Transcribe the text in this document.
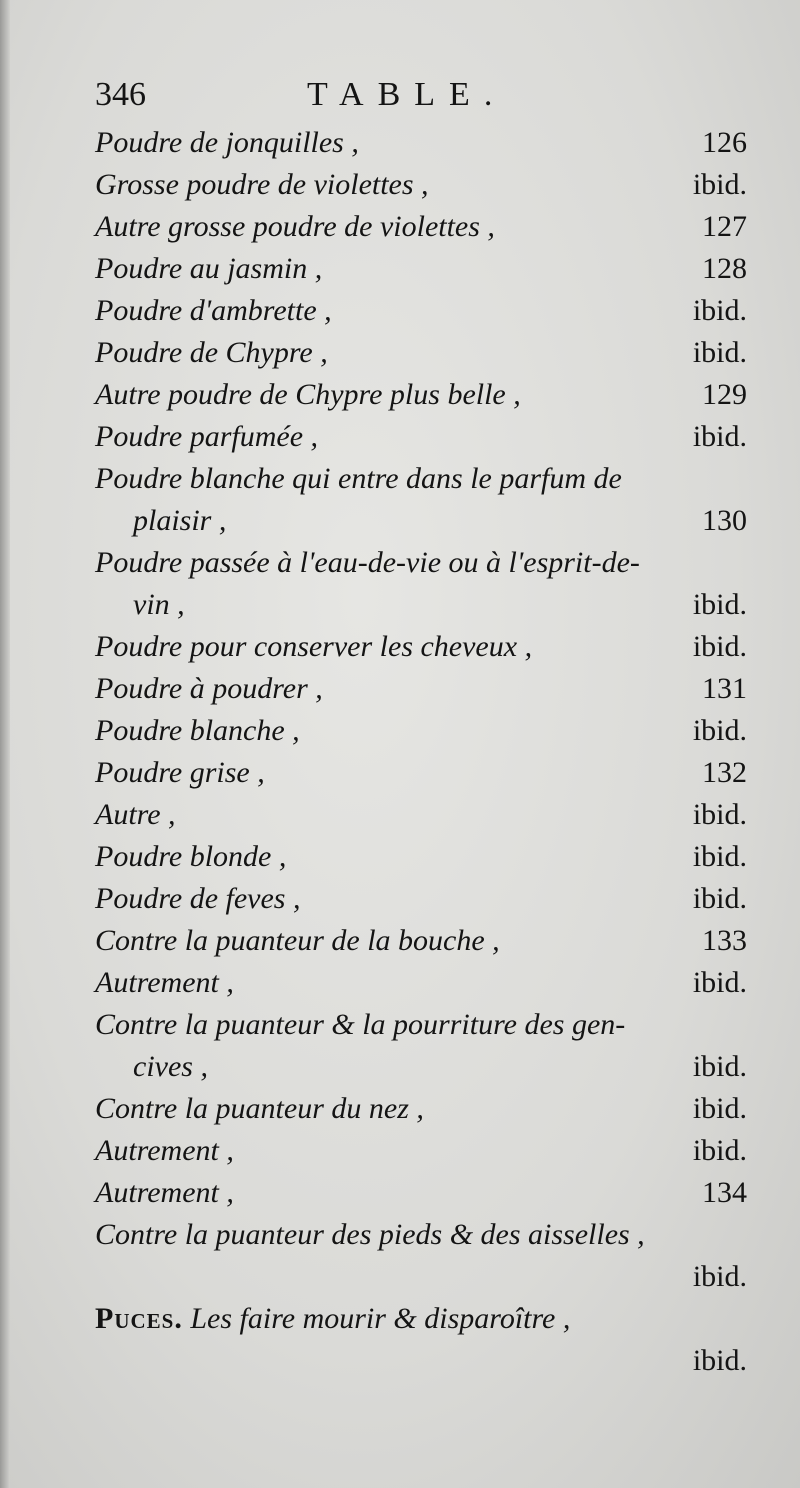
346	TABLE.
Poudre de jonquilles ,	126
Grosse poudre de violettes ,	ibid.
Autre grosse poudre de violettes ,	127
Poudre au jasmin ,	128
Poudre d'ambrette ,	ibid.
Poudre de Chypre ,	ibid.
Autre poudre de Chypre plus belle ,	129
Poudre parfumée ,	ibid.
Poudre blanche qui entre dans le parfum de
plaisir ,	130
Poudre passée à l'eau-de-vie ou à l'esprit-de-
vin ,	ibid.
Poudre pour conserver les cheveux ,	ibid.
Poudre à poudrer ,	131
Poudre blanche ,	ibid.
Poudre grise ,	132
Autre ,	ibid.
Poudre blonde ,	ibid.
Poudre de feves ,	ibid.
Contre la puanteur de la bouche ,	133
Autrement ,	ibid.
Contre la puanteur & la pourriture des gen-
cives ,	ibid.
Contre la puanteur du nez ,	ibid.
Autrement ,	ibid.
Autrement ,	134
Contre la puanteur des pieds & des aisselles ,
ibid.
Puces. Les faire mourir & disparoître ,
ibid.
